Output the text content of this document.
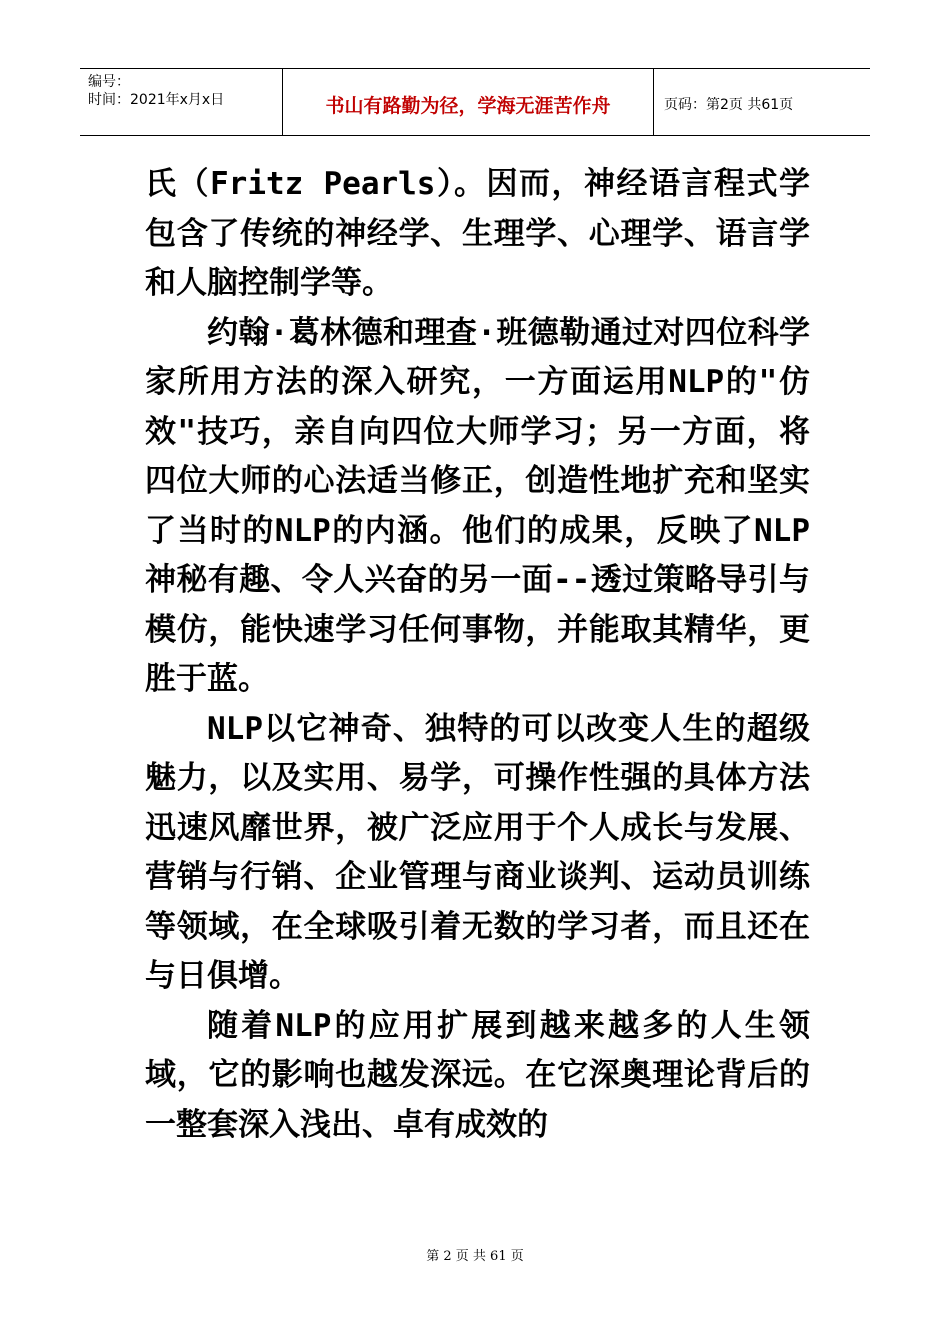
编号：
时间：2021年x月x日	书山有路勤为径，学海无涯苦作舟	页码：第2页 共61页

氏（Fritz Pearls）。因而，神经语言程式学包含了传统的神经学、生理学、心理学、语言学和人脑控制学等。

约翰·葛林德和理查·班德勒通过对四位科学家所用方法的深入研究，一方面运用NLP的"仿效"技巧，亲自向四位大师学习；另一方面，将四位大师的心法适当修正，创造性地扩充和坚实了当时的NLP的内涵。他们的成果，反映了NLP神秘有趣、令人兴奋的另一面--透过策略导引与模仿，能快速学习任何事物，并能取其精华，更胜于蓝。

NLP以它神奇、独特的可以改变人生的超级魅力，以及实用、易学，可操作性强的具体方法迅速风靡世界，被广泛应用于个人成长与发展、营销与行销、企业管理与商业谈判、运动员训练等领域，在全球吸引着无数的学习者，而且还在与日俱增。

随着NLP的应用扩展到越来越多的人生领域，它的影响也越发深远。在它深奥理论背后的一整套深入浅出、卓有成效的

第 2 页 共 61 页
